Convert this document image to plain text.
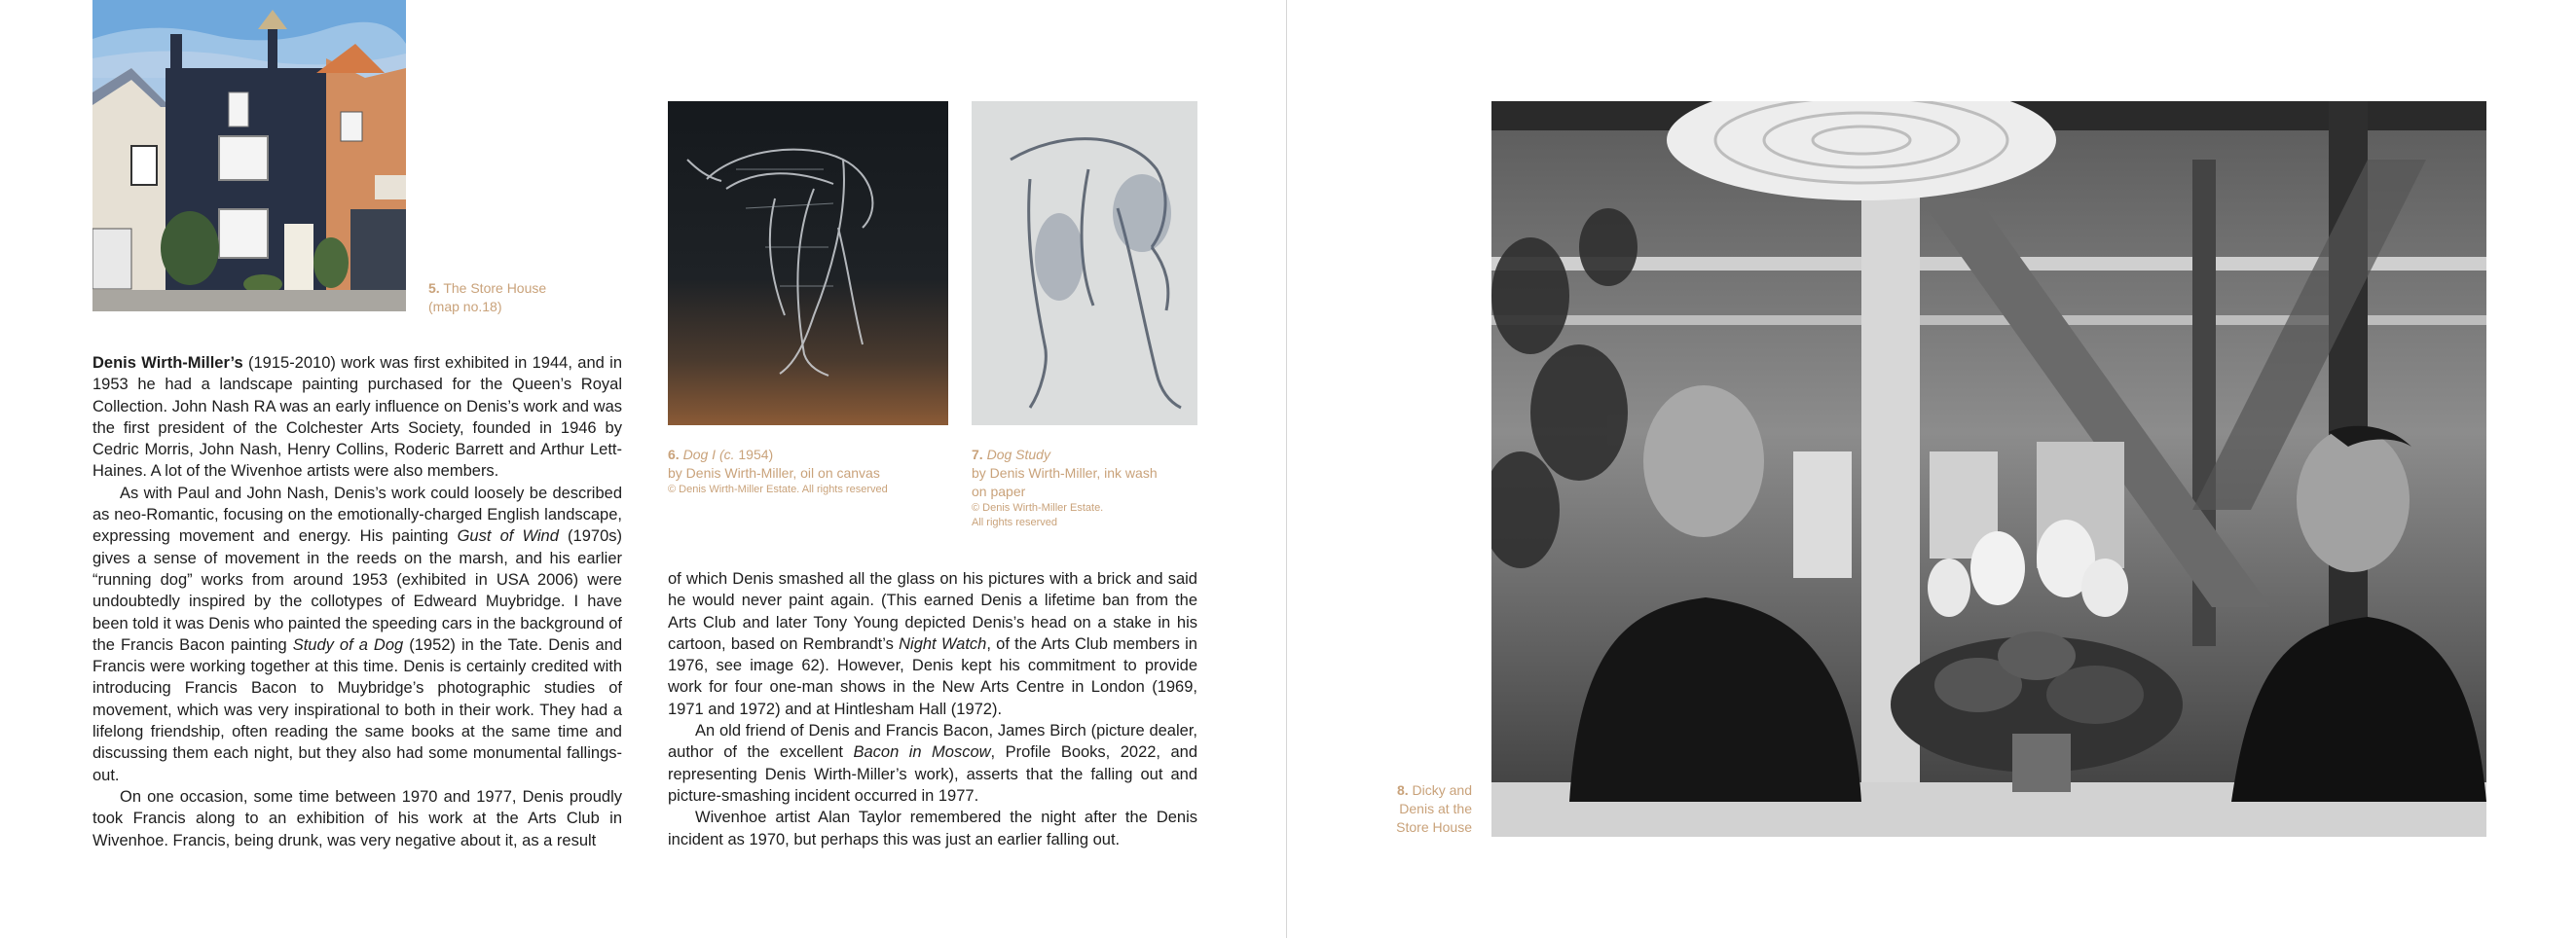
5. The Store House
(map no.18)
6. Dog I (c. 1954)
by Denis Wirth-Miller, oil on canvas
© Denis Wirth-Miller Estate. All rights reserved
7. Dog Study
by Denis Wirth-Miller, ink wash
on paper
© Denis Wirth-Miller Estate.
All rights reserved

Denis Wirth-Miller’s (1915-2010) work was first exhibited in 1944, and in 1953 he had a landscape painting purchased for the Queen’s Royal Collection. John Nash RA was an early influence on Denis’s work and was the first president of the Colchester Arts Society, founded in 1946 by Cedric Morris, John Nash, Henry Collins, Roderic Barrett and Arthur Lett-Haines. A lot of the Wivenhoe artists were also members.

As with Paul and John Nash, Denis’s work could loosely be described as neo-Romantic, focusing on the emotionally-charged English landscape, expressing movement and energy. His painting Gust of Wind (1970s) gives a sense of movement in the reeds on the marsh, and his earlier “running dog” works from around 1953 (exhibited in USA 2006) were undoubtedly inspired by the collotypes of Edweard Muybridge. I have been told it was Denis who painted the speeding cars in the background of the Francis Bacon painting Study of a Dog (1952) in the Tate. Denis and Francis were working together at this time. Denis is certainly credited with introducing Francis Bacon to Muybridge’s photographic studies of movement, which was very inspirational to both in their work. They had a lifelong friendship, often reading the same books at the same time and discussing them each night, but they also had some monumental fallings-out.

On one occasion, some time between 1970 and 1977, Denis proudly took Francis along to an exhibition of his work at the Arts Club in Wivenhoe. Francis, being drunk, was very negative about it, as a result

of which Denis smashed all the glass on his pictures with a brick and said he would never paint again. (This earned Denis a lifetime ban from the Arts Club and later Tony Young depicted Denis’s head on a stake in his cartoon, based on Rembrandt’s Night Watch, of the Arts Club members in 1976, see image 62). However, Denis kept his commitment to provide work for four one-man shows in the New Arts Centre in London (1969, 1971 and 1972) and at Hintlesham Hall (1972).

An old friend of Denis and Francis Bacon, James Birch (picture dealer, author of the excellent Bacon in Moscow, Profile Books, 2022, and representing Denis Wirth-Miller’s work), asserts that the falling out and picture-smashing incident occurred in 1977.

Wivenhoe artist Alan Taylor remembered the night after the Denis incident as 1970, but perhaps this was just an earlier falling out.

8. Dicky and
Denis at the
Store House
